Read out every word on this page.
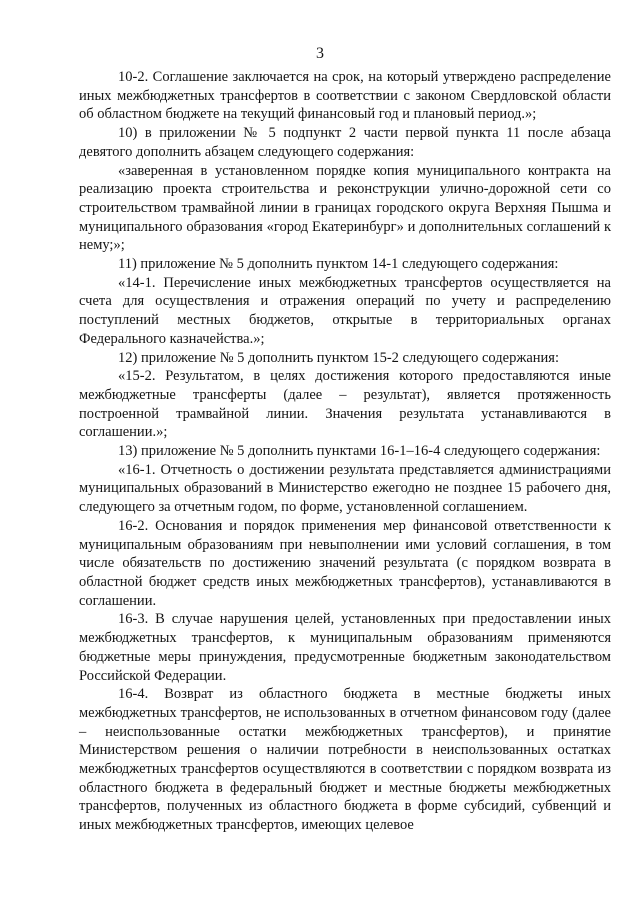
3

10-2. Соглашение заключается на срок, на который утверждено распределение иных межбюджетных трансфертов в соответствии с законом Свердловской области об областном бюджете на текущий финансовый год и плановый период.»;

10) в приложении № 5 подпункт 2 части первой пункта 11 после абзаца девятого дополнить абзацем следующего содержания:

«заверенная в установленном порядке копия муниципального контракта на реализацию проекта строительства и реконструкции улично-дорожной сети со строительством трамвайной линии в границах городского округа Верхняя Пышма и муниципального образования «город Екатеринбург» и дополнительных соглашений к нему;»;

11) приложение № 5 дополнить пунктом 14-1 следующего содержания:

«14-1. Перечисление иных межбюджетных трансфертов осуществляется на счета для осуществления и отражения операций по учету и распределению поступлений местных бюджетов, открытые в территориальных органах Федерального казначейства.»;

12) приложение № 5 дополнить пунктом 15-2 следующего содержания:

«15-2. Результатом, в целях достижения которого предоставляются иные межбюджетные трансферты (далее – результат), является протяженность построенной трамвайной линии. Значения результата устанавливаются в соглашении.»;

13) приложение № 5 дополнить пунктами 16-1–16-4 следующего содержания:

«16-1. Отчетность о достижении результата представляется администрациями муниципальных образований в Министерство ежегодно не позднее 15 рабочего дня, следующего за отчетным годом, по форме, установленной соглашением.

16-2. Основания и порядок применения мер финансовой ответственности к муниципальным образованиям при невыполнении ими условий соглашения, в том числе обязательств по достижению значений результата (с порядком возврата в областной бюджет средств иных межбюджетных трансфертов), устанавливаются в соглашении.

16-3. В случае нарушения целей, установленных при предоставлении иных межбюджетных трансфертов, к муниципальным образованиям применяются бюджетные меры принуждения, предусмотренные бюджетным законодательством Российской Федерации.

16-4. Возврат из областного бюджета в местные бюджеты иных межбюджетных трансфертов, не использованных в отчетном финансовом году (далее – неиспользованные остатки межбюджетных трансфертов), и принятие Министерством решения о наличии потребности в неиспользованных остатках межбюджетных трансфертов осуществляются в соответствии с порядком возврата из областного бюджета в федеральный бюджет и местные бюджеты межбюджетных трансфертов, полученных из областного бюджета в форме субсидий, субвенций и иных межбюджетных трансфертов, имеющих целевое
